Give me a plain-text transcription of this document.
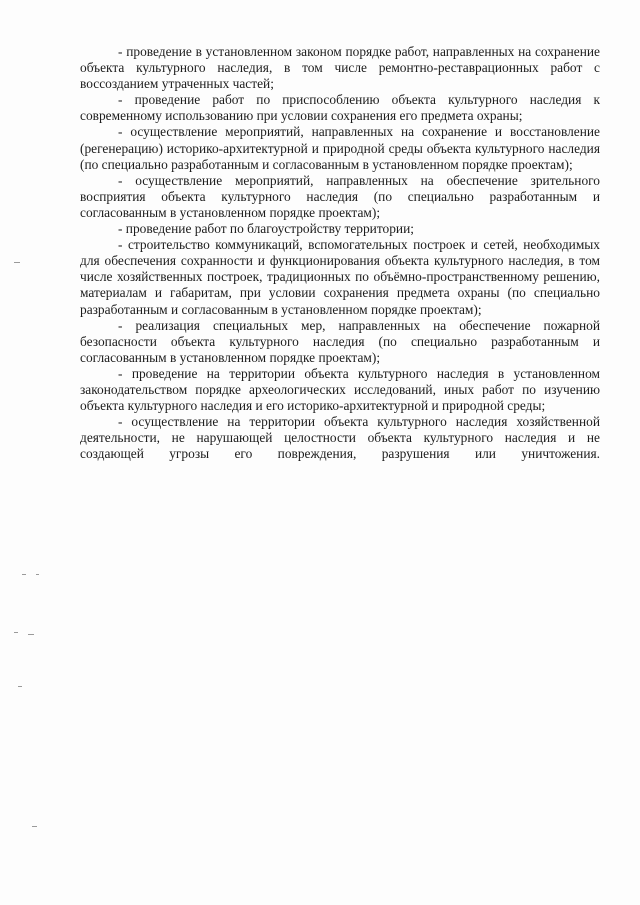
- проведение в установленном законом порядке работ, направленных на сохранение объекта культурного наследия, в том числе ремонтно-реставрационных работ с воссозданием утраченных частей;

- проведение работ по приспособлению объекта культурного наследия к современному использованию при условии сохранения его предмета охраны;

- осуществление мероприятий, направленных на сохранение и восстановление (регенерацию) историко-архитектурной и природной среды объекта культурного наследия (по специально разработанным и согласованным в установленном порядке проектам);

- осуществление мероприятий, направленных на обеспечение зрительного восприятия объекта культурного наследия (по специально разработанным и согласованным в установленном порядке проектам);

- проведение работ по благоустройству территории;

- строительство коммуникаций, вспомогательных построек и сетей, необходимых для обеспечения сохранности и функционирования объекта культурного наследия, в том числе хозяйственных построек, традиционных по объёмно-пространственному решению, материалам и габаритам, при условии сохранения предмета охраны (по специально разработанным и согласованным в установленном порядке проектам);

- реализация специальных мер, направленных на обеспечение пожарной безопасности объекта культурного наследия (по специально разработанным и согласованным в установленном порядке проектам);

- проведение на территории объекта культурного наследия в установленном законодательством порядке археологических исследований, иных работ по изучению объекта культурного наследия и его историко-архитектурной и природной среды;

- осуществление на территории объекта культурного наследия хозяйственной деятельности, не нарушающей целостности объекта культурного наследия и не создающей угрозы его повреждения, разрушения или уничтожения.
